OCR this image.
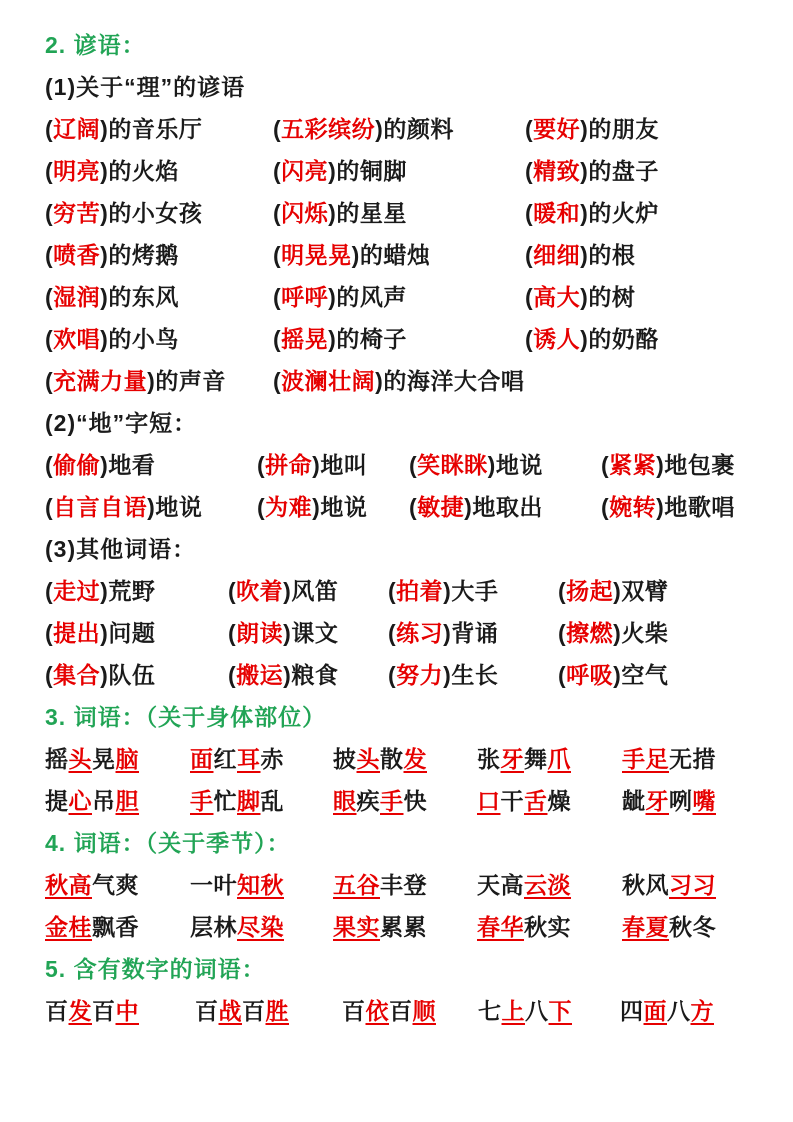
2. 谚语：
(1)关于“理”的谚语
(辽阔)的音乐厅	(五彩缤纷)的颜料	(要好)的朋友
(明亮)的火焰	(闪亮)的铜脚	(精致)的盘子
(穷苦)的小女孩	(闪烁)的星星	(暖和)的火炉
(喷香)的烤鹅	(明晃晃)的蜡烛	(细细)的根
(湿润)的东风	(呼呼)的风声	(高大)的树
(欢唱)的小鸟	(摇晃)的椅子	(诱人)的奶酪
(充满力量)的声音	(波澜壮阔)的海洋大合唱
(2)“地”字短：
(偷偷)地看	(拼命)地叫	(笑眯眯)地说	(紧紧)地包裹
(自言自语)地说	(为难)地说	(敏捷)地取出	(婉转)地歌唱
(3)其他词语：
(走过)荒野	(吹着)风笛	(拍着)大手	(扬起)双臂
(提出)问题	(朗读)课文	(练习)背诵	(擦燃)火柴
(集合)队伍	(搬运)粮食	(努力)生长	(呼吸)空气
3. 词语：（关于身体部位）
摇头晃脑	面红耳赤	披头散发	张牙舞爪	手足无措
提心吊胆	手忙脚乱	眼疾手快	口干舌燥	龇牙咧嘴
4. 词语：（关于季节）：
秋高气爽	一叶知秋	五谷丰登	天高云淡	秋风习习
金桂飘香	层林尽染	果实累累	春华秋实	春夏秋冬
5. 含有数字的词语：
百发百中	百战百胜	百依百顺	七上八下	四面八方
